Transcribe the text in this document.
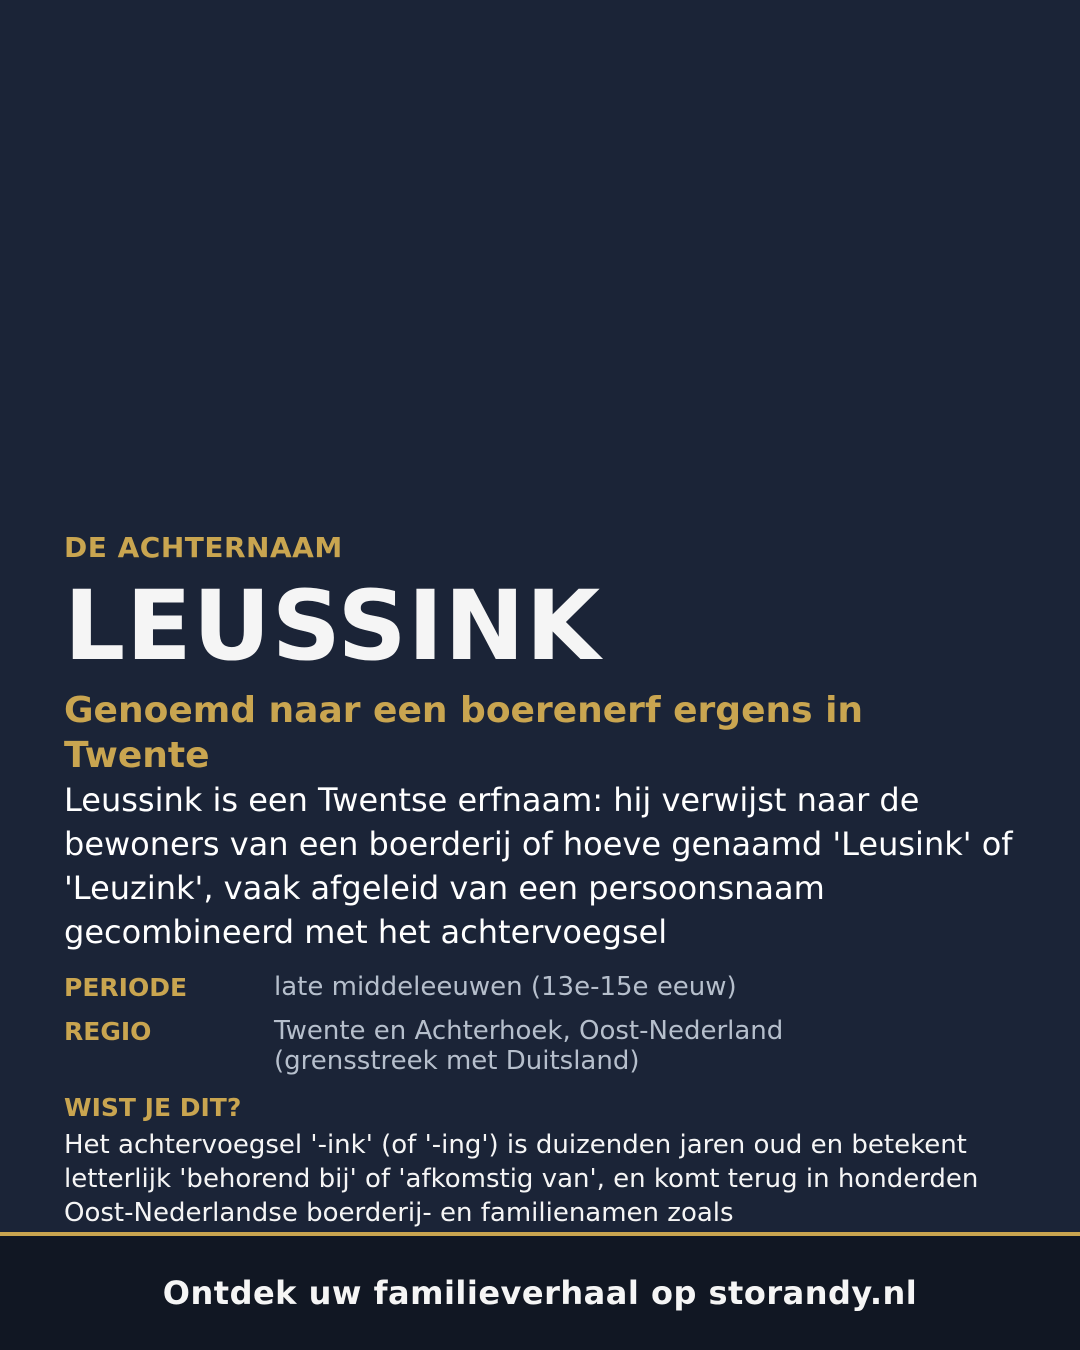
DE ACHTERNAAM
LEUSSINK
Genoemd naar een boerenerf ergens in Twente

Leussink is een Twentse erfnaam: hij verwijst naar de bewoners van een boerderij of hoeve genaamd 'Leusink' of 'Leuzink', vaak afgeleid van een persoonsnaam gecombineerd met het achtervoegsel

PERIODE	late middeleeuwen (13e-15e eeuw)
REGIO	Twente en Achterhoek, Oost-Nederland (grensstreek met Duitsland)
WIST JE DIT?

Het achtervoegsel '-ink' (of '-ing') is duizenden jaren oud en betekent letterlijk 'behorend bij' of 'afkomstig van', en komt terug in honderden Oost-Nederlandse boerderij- en familienamen zoals

Ontdek uw familieverhaal op storandy.nl
